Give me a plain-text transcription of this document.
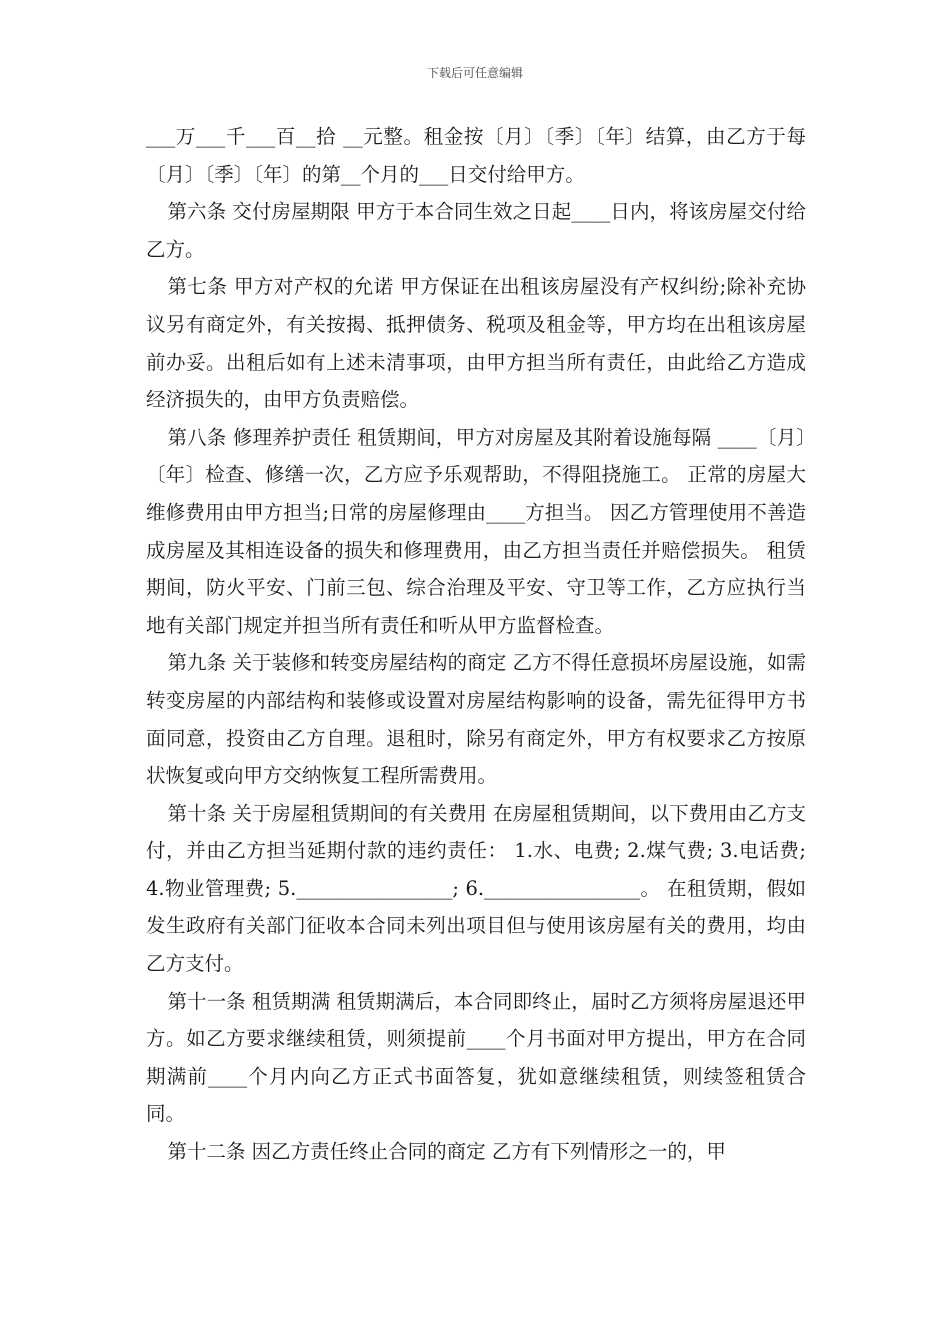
下载后可任意编辑

___万___千___百__拾 __元整。租金按〔月〕〔季〕〔年〕结算，由乙方于每〔月〕〔季〕〔年〕的第__个月的___日交付给甲方。

第六条 交付房屋期限 甲方于本合同生效之日起____日内，将该房屋交付给乙方。

第七条 甲方对产权的允诺 甲方保证在出租该房屋没有产权纠纷;除补充协议另有商定外，有关按揭、抵押债务、税项及租金等，甲方均在出租该房屋前办妥。出租后如有上述未清事项，由甲方担当所有责任，由此给乙方造成经济损失的，由甲方负责赔偿。

第八条 修理养护责任 租赁期间，甲方对房屋及其附着设施每隔 ____〔月〕〔年〕检查、修缮一次，乙方应予乐观帮助，不得阻挠施工。 正常的房屋大维修费用由甲方担当;日常的房屋修理由____方担当。 因乙方管理使用不善造成房屋及其相连设备的损失和修理费用，由乙方担当责任并赔偿损失。 租赁期间，防火平安、门前三包、综合治理及平安、守卫等工作，乙方应执行当地有关部门规定并担当所有责任和听从甲方监督检查。

第九条 关于装修和转变房屋结构的商定 乙方不得任意损坏房屋设施，如需转变房屋的内部结构和装修或设置对房屋结构影响的设备，需先征得甲方书面同意，投资由乙方自理。退租时，除另有商定外，甲方有权要求乙方按原状恢复或向甲方交纳恢复工程所需费用。

第十条 关于房屋租赁期间的有关费用 在房屋租赁期间，以下费用由乙方支付，并由乙方担当延期付款的违约责任： 1.水、电费; 2.煤气费; 3.电话费; 4.物业管理费; 5.________________; 6.________________。 在租赁期，假如发生政府有关部门征收本合同未列出项目但与使用该房屋有关的费用，均由乙方支付。

第十一条 租赁期满 租赁期满后，本合同即终止，届时乙方须将房屋退还甲方。如乙方要求继续租赁，则须提前____个月书面对甲方提出，甲方在合同期满前____个月内向乙方正式书面答复，犹如意继续租赁，则续签租赁合同。

第十二条 因乙方责任终止合同的商定 乙方有下列情形之一的，甲
